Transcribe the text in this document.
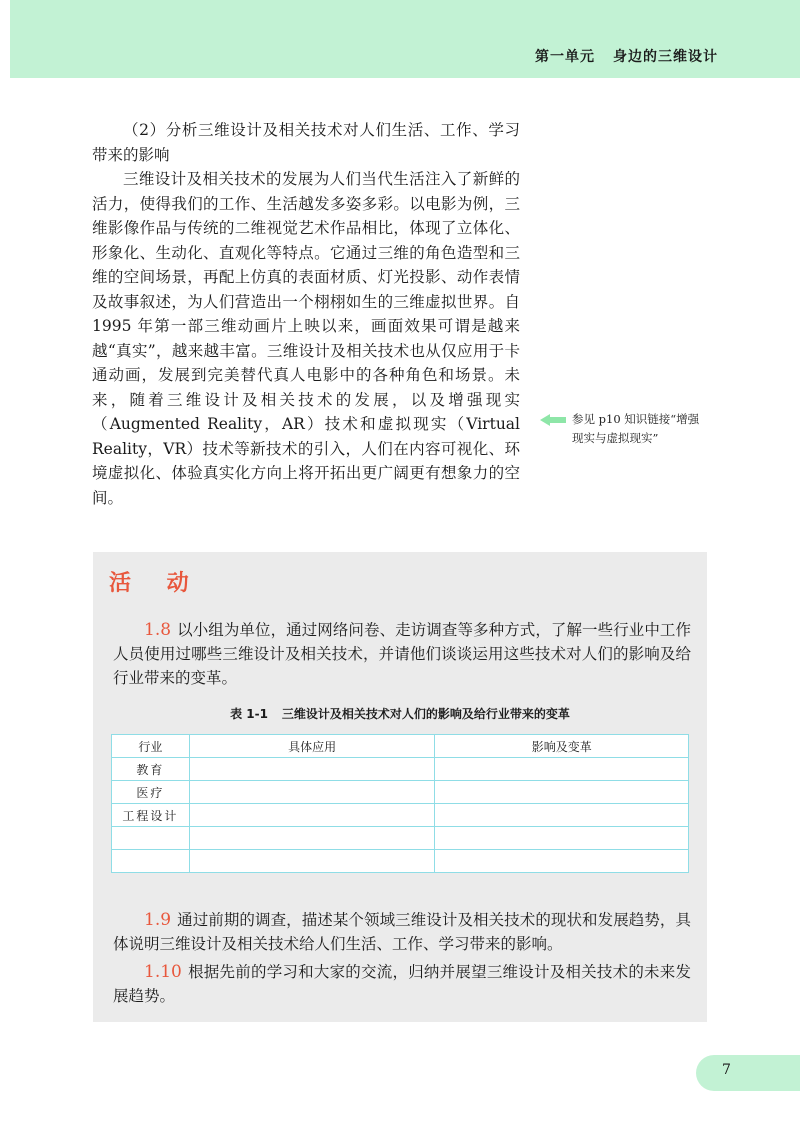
第一单元 身边的三维设计

（2）分析三维设计及相关技术对人们生活、工作、学习带来的影响

三维设计及相关技术的发展为人们当代生活注入了新鲜的活力，使得我们的工作、生活越发多姿多彩。以电影为例，三维影像作品与传统的二维视觉艺术作品相比，体现了立体化、形象化、生动化、直观化等特点。它通过三维的角色造型和三维的空间场景，再配上仿真的表面材质、灯光投影、动作表情及故事叙述，为人们营造出一个栩栩如生的三维虚拟世界。自 1995 年第一部三维动画片上映以来，画面效果可谓是越来越“真实”，越来越丰富。三维设计及相关技术也从仅应用于卡通动画，发展到完美替代真人电影中的各种角色和场景。未来，随着三维设计及相关技术的发展，以及增强现实（Augmented Reality，AR）技术和虚拟现实（Virtual Reality，VR）技术等新技术的引入，人们在内容可视化、环境虚拟化、体验真实化方向上将开拓出更广阔更有想象力的空间。

参见 p10 知识链接“增强现实与虚拟现实”
活 动

1.8 以小组为单位，通过网络问卷、走访调查等多种方式，了解一些行业中工作人员使用过哪些三维设计及相关技术，并请他们谈谈运用这些技术对人们的影响及给行业带来的变革。

表 1-1 三维设计及相关技术对人们的影响及给行业带来的变革
行业	具体应用	影响及变革
教育		
医疗		
工程设计		

1.9 通过前期的调查，描述某个领域三维设计及相关技术的现状和发展趋势，具体说明三维设计及相关技术给人们生活、工作、学习带来的影响。

1.10 根据先前的学习和大家的交流，归纳并展望三维设计及相关技术的未来发展趋势。

7
